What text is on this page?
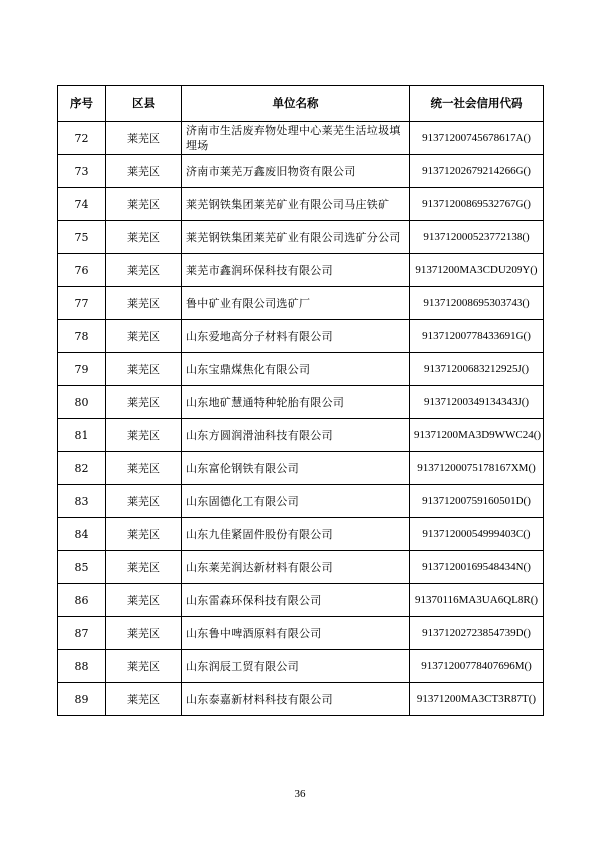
序号	区县	单位名称	统一社会信用代码
72	莱芜区	济南市生活废弃物处理中心莱芜生活垃圾填埋场	91371200745678617A()
73	莱芜区	济南市莱芜万鑫废旧物资有限公司	91371202679214266G()
74	莱芜区	莱芜钢铁集团莱芜矿业有限公司马庄铁矿	91371200869532767G()
75	莱芜区	莱芜钢铁集团莱芜矿业有限公司选矿分公司	913712000523772138()
76	莱芜区	莱芜市鑫润环保科技有限公司	91371200MA3CDU209Y()
77	莱芜区	鲁中矿业有限公司选矿厂	913712008695303743()
78	莱芜区	山东爱地高分子材料有限公司	91371200778433691G()
79	莱芜区	山东宝鼎煤焦化有限公司	91371200683212925J()
80	莱芜区	山东地矿慧通特种轮胎有限公司	91371200349134343J()
81	莱芜区	山东方圆润滑油科技有限公司	91371200MA3D9WWC24()
82	莱芜区	山东富伦钢铁有限公司	91371200075178167XM()
83	莱芜区	山东固德化工有限公司	91371200759160501D()
84	莱芜区	山东九佳紧固件股份有限公司	91371200054999403C()
85	莱芜区	山东莱芜润达新材料有限公司	91371200169548434N()
86	莱芜区	山东雷森环保科技有限公司	91370116MA3UA6QL8R()
87	莱芜区	山东鲁中啤酒原料有限公司	91371202723854739D()
88	莱芜区	山东润辰工贸有限公司	91371200778407696M()
89	莱芜区	山东泰嘉新材料科技有限公司	91371200MA3CT3R87T()
36
